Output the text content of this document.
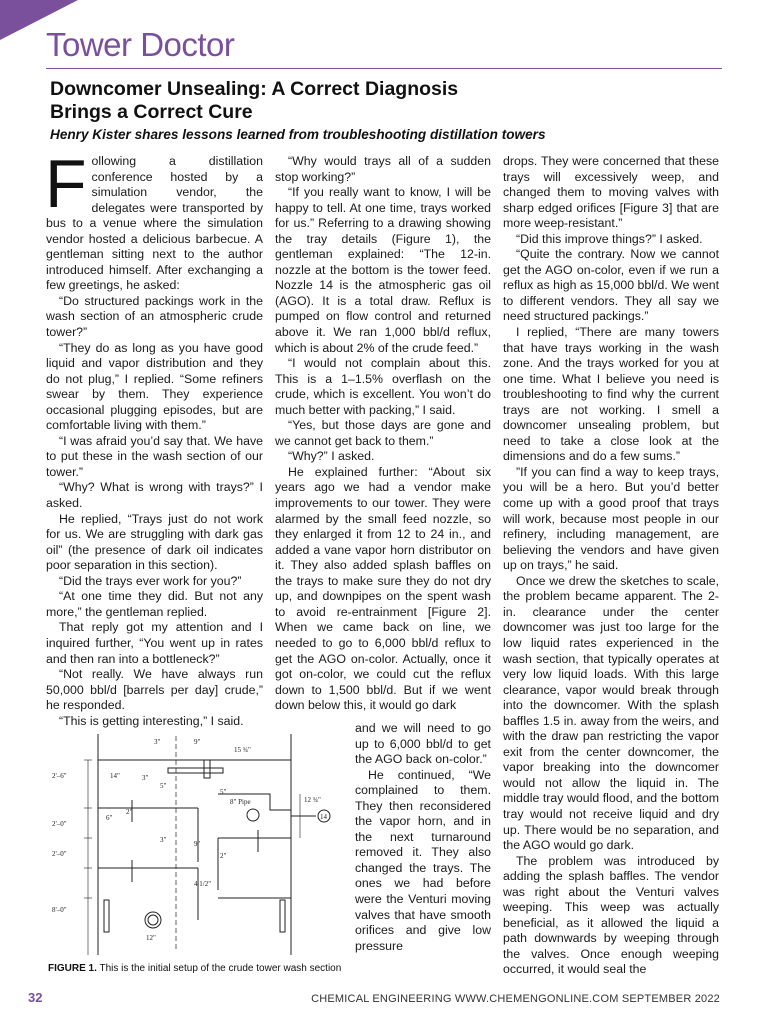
Tower Doctor
Downcomer Unsealing: A Correct Diagnosis
Brings a Correct Cure

Henry Kister shares lessons learned from troubleshooting distillation towers

F ollowing a distillation conference hosted by a simulation vendor, the delegates were transported by bus to a venue where the simulation vendor hosted a delicious barbecue. A gentleman sitting next to the author introduced himself. After exchanging a few greetings, he asked:

“Do structured packings work in the wash section of an atmospheric crude tower?”

“They do as long as you have good liquid and vapor distribution and they do not plug,” I replied. “Some refiners swear by them. They experience occasional plugging episodes, but are comfortable living with them.”

“I was afraid you’d say that. We have to put these in the wash section of our tower.”

“Why? What is wrong with trays?” I asked.

He replied, “Trays just do not work for us. We are struggling with dark gas oil” (the presence of dark oil indicates poor separation in this section).

“Did the trays ever work for you?”

“At one time they did. But not any more,” the gentleman replied.

That reply got my attention and I inquired further, “You went up in rates and then ran into a bottleneck?”

“Not really. We have always run 50,000 bbl/d [barrels per day] crude,” he responded.

“This is getting interesting,” I said.

“Why would trays all of a sudden stop working?”

“If you really want to know, I will be happy to tell. At one time, trays worked for us.” Referring to a drawing showing the tray details (Figure 1), the gentleman explained: “The 12-in. nozzle at the bottom is the tower feed. Nozzle 14 is the atmospheric gas oil (AGO). It is a total draw. Reflux is pumped on flow control and returned above it. We ran 1,000 bbl/d reflux, which is about 2% of the crude feed.”

“I would not complain about this. This is a 1–1.5% overflash on the crude, which is excellent. You won’t do much better with packing,” I said.

“Yes, but those days are gone and we cannot get back to them.”

“Why?” I asked.

He explained further: “About six years ago we had a vendor make improvements to our tower. They were alarmed by the small feed nozzle, so they enlarged it from 12 to 24 in., and added a vane vapor horn distributor on it. They also added splash baffles on the trays to make sure they do not dry up, and downpipes on the spent wash to avoid re-entrainment [Figure 2]. When we came back on line, we needed to go to 6,000 bbl/d reflux to get the AGO on-color. Actually, once it got on-color, we could cut the reflux down to 1,500 bbl/d. But if we went down below this, it would go dark

and we will need to go up to 6,000 bbl/d to get the AGO back on-color.”

He continued, “We complained to them. They then reconsidered the vapor horn, and in the next turnaround removed it. They also changed the trays. The ones we had before were the Venturi moving valves that have smooth orifices and give low pressure

drops. They were concerned that these trays will excessively weep, and changed them to moving valves with sharp edged orifices [Figure 3] that are more weep-resistant.”

“Did this improve things?” I asked.

“Quite the contrary. Now we cannot get the AGO on-color, even if we run a reflux as high as 15,000 bbl/d. We went to different vendors. They all say we need structured packings.”

I replied, “There are many towers that have trays working in the wash zone. And the trays worked for you at one time. What I believe you need is troubleshooting to find why the current trays are not working. I smell a downcomer unsealing problem, but need to take a close look at the dimensions and do a few sums.”

”If you can find a way to keep trays, you will be a hero. But you’d better come up with a good proof that trays will work, because most people in our refinery, including management, are believing the vendors and have given up on trays,” he said.

Once we drew the sketches to scale, the problem became apparent. The 2-in. clearance under the center downcomer was just too large for the low liquid rates experienced in the wash section, that typically operates at very low liquid loads. With this large clearance, vapor would break through into the downcomer. With the splash baffles 1.5 in. away from the weirs, and with the draw pan restricting the vapor exit from the center downcomer, the vapor breaking into the downcomer would not allow the liquid in. The middle tray would flood, and the bottom tray would not receive liquid and dry up. There would be no separation, and the AGO would go dark.

The problem was introduced by adding the splash baffles. The vendor was right about the Venturi valves weeping. This weep was actually beneficial, as it allowed the liquid a path downwards by weeping through the valves. Once enough weeping occurred, it would seal the

2'–6"
2'–0"
2'–0"
8'–0"
14"
3"
3"
9"
9"
15 ¾"
5"
5"
2"
6"
8" Pipe	12 ¾"
14
3"
2"
4 1/2"
12"

FIGURE 1. This is the initial setup of the crude tower wash section

32	CHEMICAL ENGINEERING WWW.CHEMENGONLINE.COM SEPTEMBER 2022
